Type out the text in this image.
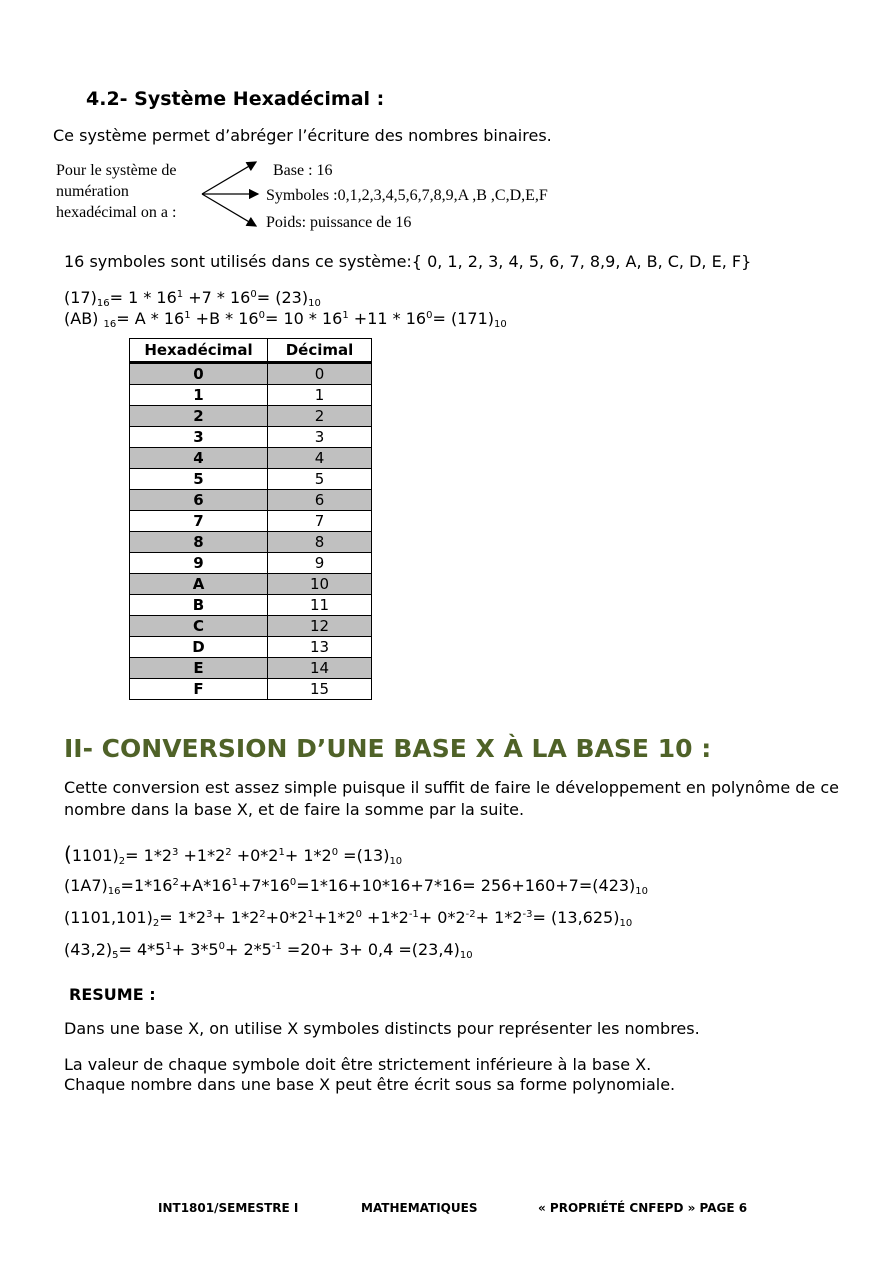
4.2- Système Hexadécimal :
Ce système permet d’abréger l’écriture des nombres binaires.
Pour le système de numération hexadécimal on a :
Base : 16
Symboles :0,1,2,3,4,5,6,7,8,9,A ,B ,C,D,E,F
Poids: puissance de 16
16 symboles sont utilisés dans ce système:{ 0, 1, 2, 3, 4, 5, 6, 7, 8,9, A, B, C, D, E, F}
$(17)_{16}= 1 * 16^1 +7 * 16^0= (23)_{10}$
(AB) $_{16}= A * 16^1 +B * 16^0= 10 * 16^1 +11 * 16^0= (171)_{10}$
Hexadécimal	Décimal
0	0
1	1
2	2
3	3
4	4
5	5
6	6
7	7
8	8
9	9
A	10
B	11
C	12
D	13
E	14
F	15
II- CONVERSION D’UNE BASE X À LA BASE 10 :
Cette conversion est assez simple puisque il suffit de faire le développement en polynôme de ce nombre dans la base X, et de faire la somme par la suite.
$(1101)_2= 1*2^3 +1*2^2 +0*2^1+ 1*2^0 =(13)_{10}$
$(1A7)_{16}=1*16^2+A*16^1+7*16^0=1*16+10*16+7*16= 256+160+7=(423)_{10}$
$(1101,101)_2= 1*2^3+ 1*2^2+0*2^1+1*2^0 +1*2^{-1}+ 0*2^{-2}+ 1*2^{-3}= (13,625)_{10}$
$(43,2)_5= 4*5^1+ 3*5^0+ 2*5^{-1} =20+ 3+ 0,4 =(23,4)_{10}$
RESUME :
Dans une base X, on utilise X symboles distincts pour représenter les nombres.
La valeur de chaque symbole doit être strictement inférieure à la base X.
Chaque nombre dans une base X peut être écrit sous sa forme polynomiale.
INT1801/SEMESTRE I	MATHEMATIQUES	« PROPRIÉTÉ CNFEPD » PAGE 6
